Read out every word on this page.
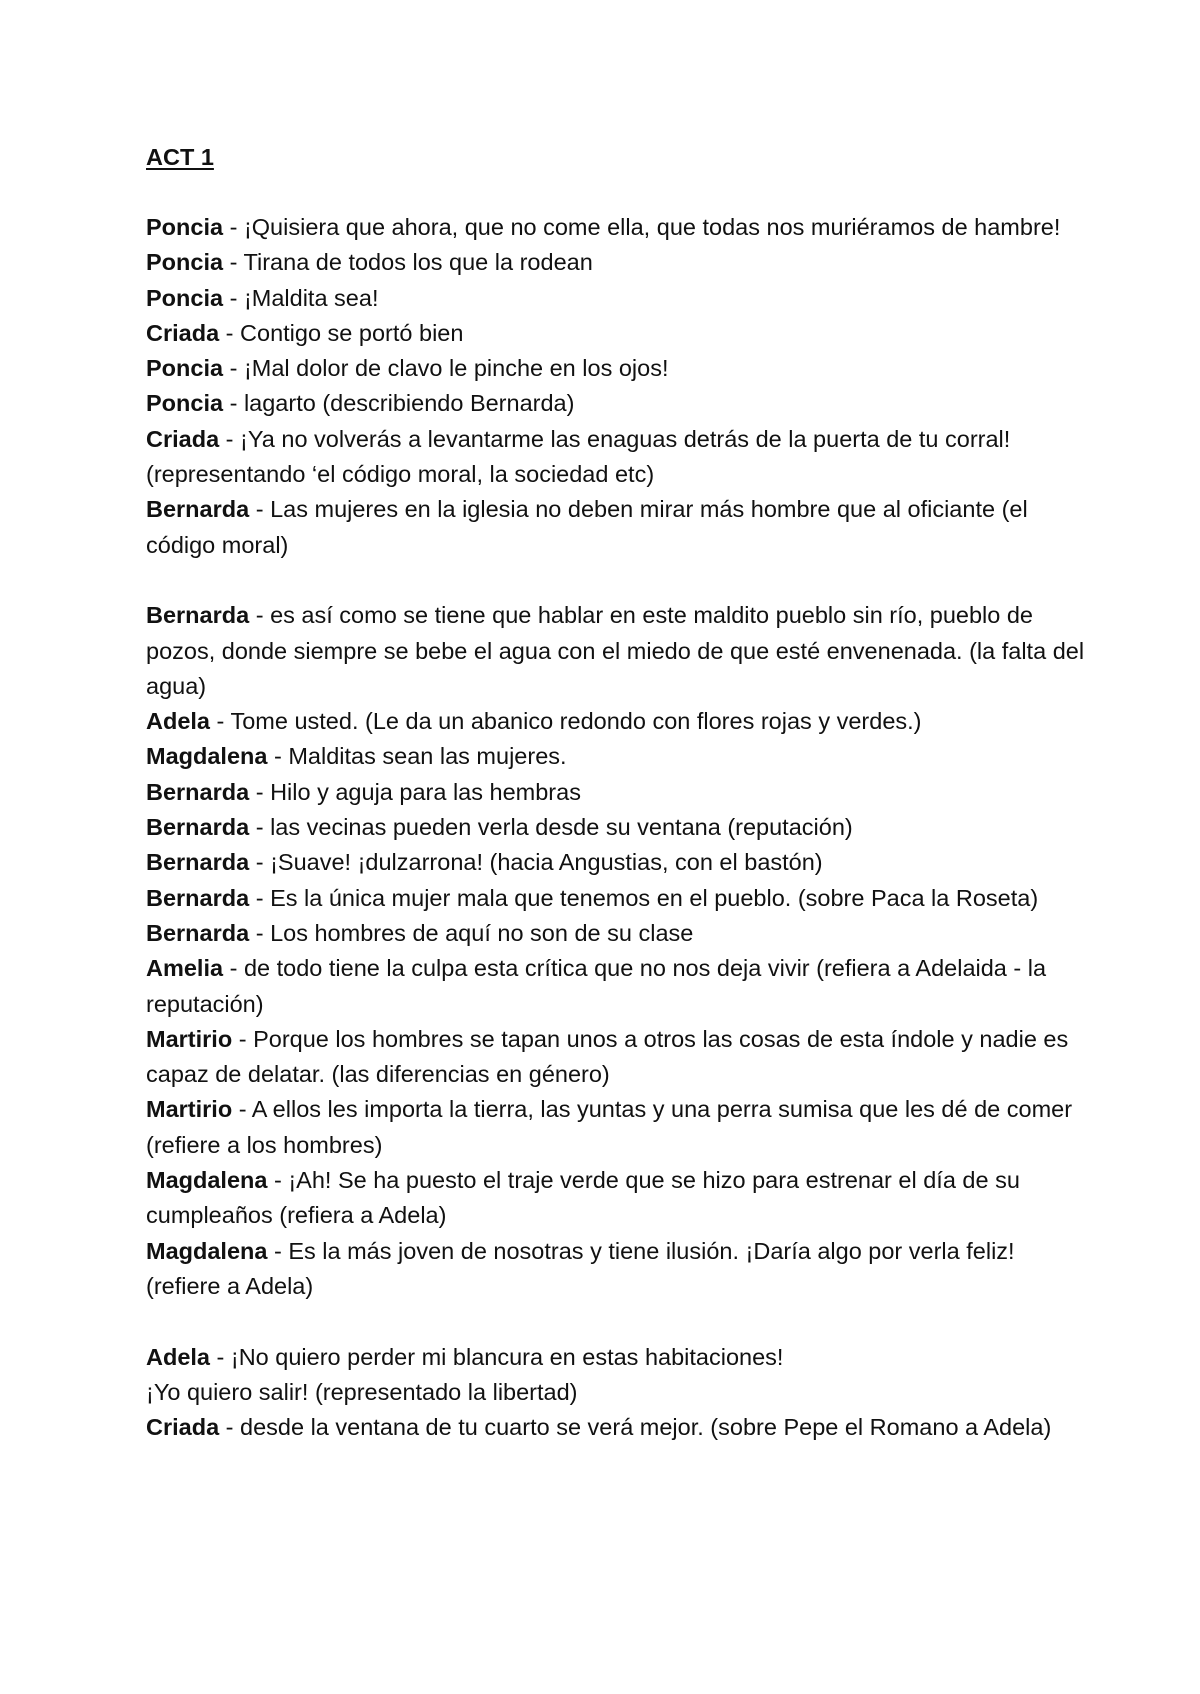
ACT 1
Poncia - ¡Quisiera que ahora, que no come ella, que todas nos muriéramos de hambre!
Poncia - Tirana de todos los que la rodean
Poncia - ¡Maldita sea!
Criada - Contigo se portó bien
Poncia - ¡Mal dolor de clavo le pinche en los ojos!
Poncia - lagarto (describiendo Bernarda)
Criada - ¡Ya no volverás a levantarme las enaguas detrás de la puerta de tu corral! (representando ‘el código moral, la sociedad etc)
Bernarda - Las mujeres en la iglesia no deben mirar más hombre que al oficiante (el código moral)
Bernarda - es así como se tiene que hablar en este maldito pueblo sin río, pueblo de pozos, donde siempre se bebe el agua con el miedo de que esté envenenada. (la falta del agua)
Adela - Tome usted. (Le da un abanico redondo con flores rojas y verdes.)
Magdalena - Malditas sean las mujeres.
Bernarda - Hilo y aguja para las hembras
Bernarda - las vecinas pueden verla desde su ventana (reputación)
Bernarda - ¡Suave! ¡dulzarrona! (hacia Angustias, con el bastón)
Bernarda - Es la única mujer mala que tenemos en el pueblo. (sobre Paca la Roseta)
Bernarda - Los hombres de aquí no son de su clase
Amelia - de todo tiene la culpa esta crítica que no nos deja vivir (refiera a Adelaida - la reputación)
Martirio - Porque los hombres se tapan unos a otros las cosas de esta índole y nadie es capaz de delatar. (las diferencias en género)
Martirio - A ellos les importa la tierra, las yuntas y una perra sumisa que les dé de comer (refiere a los hombres)
Magdalena - ¡Ah! Se ha puesto el traje verde que se hizo para estrenar el día de su cumpleaños (refiera a Adela)
Magdalena - Es la más joven de nosotras y tiene ilusión. ¡Daría algo por verla feliz! (refiere a Adela)
Adela - ¡No quiero perder mi blancura en estas habitaciones!
¡Yo quiero salir! (representado la libertad)
Criada - desde la ventana de tu cuarto se verá mejor. (sobre Pepe el Romano a Adela)
